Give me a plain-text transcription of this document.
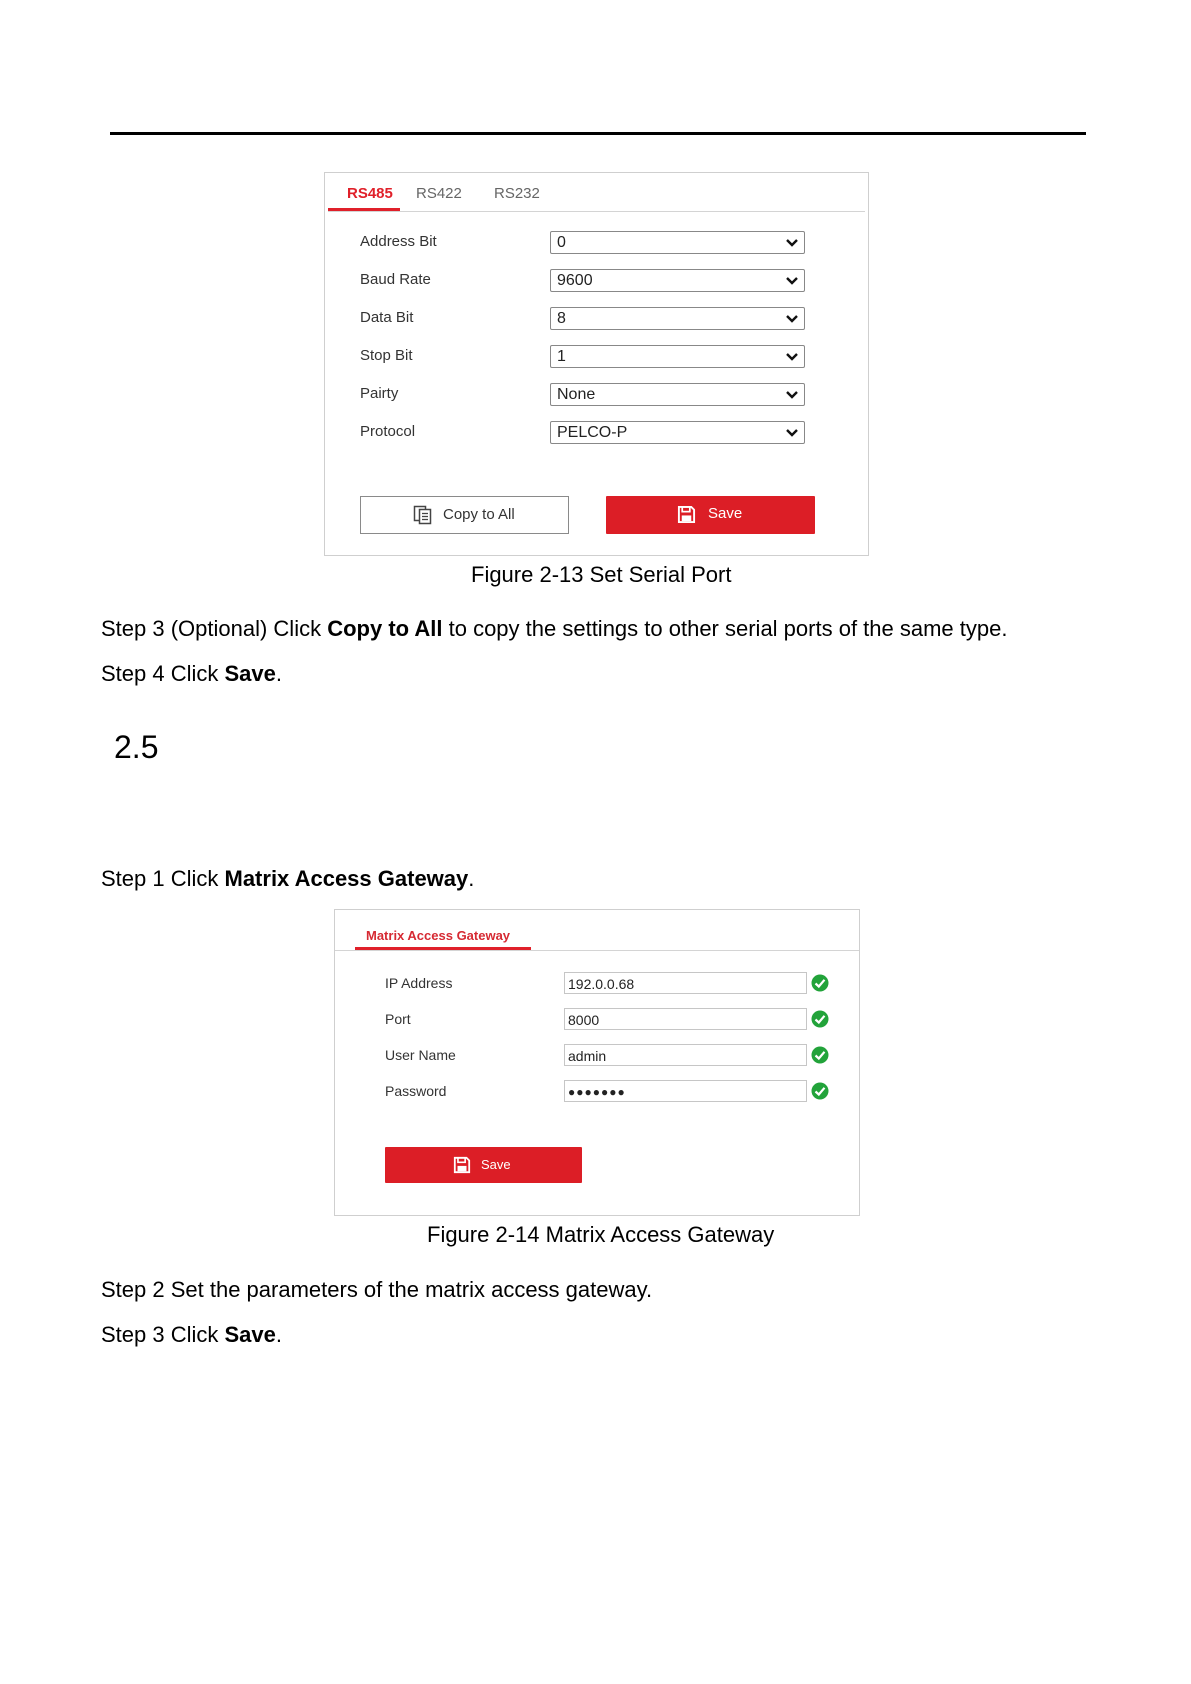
RS485 RS422 RS232
Address Bit	0
Baud Rate	9600
Data Bit	8
Stop Bit	1
Pairty	None
Protocol	PELCO-P
Copy to All	Save
Figure 2-13 Set Serial Port
Step 3 (Optional) Click Copy to All to copy the settings to other serial ports of the same type.
Step 4 Click Save.
2.5
Step 1 Click Matrix Access Gateway.
Matrix Access Gateway
IP Address	192.0.0.68
Port	8000
User Name	admin
Password	●●●●●●●
Save
Figure 2-14 Matrix Access Gateway
Step 2 Set the parameters of the matrix access gateway.
Step 3 Click Save.
